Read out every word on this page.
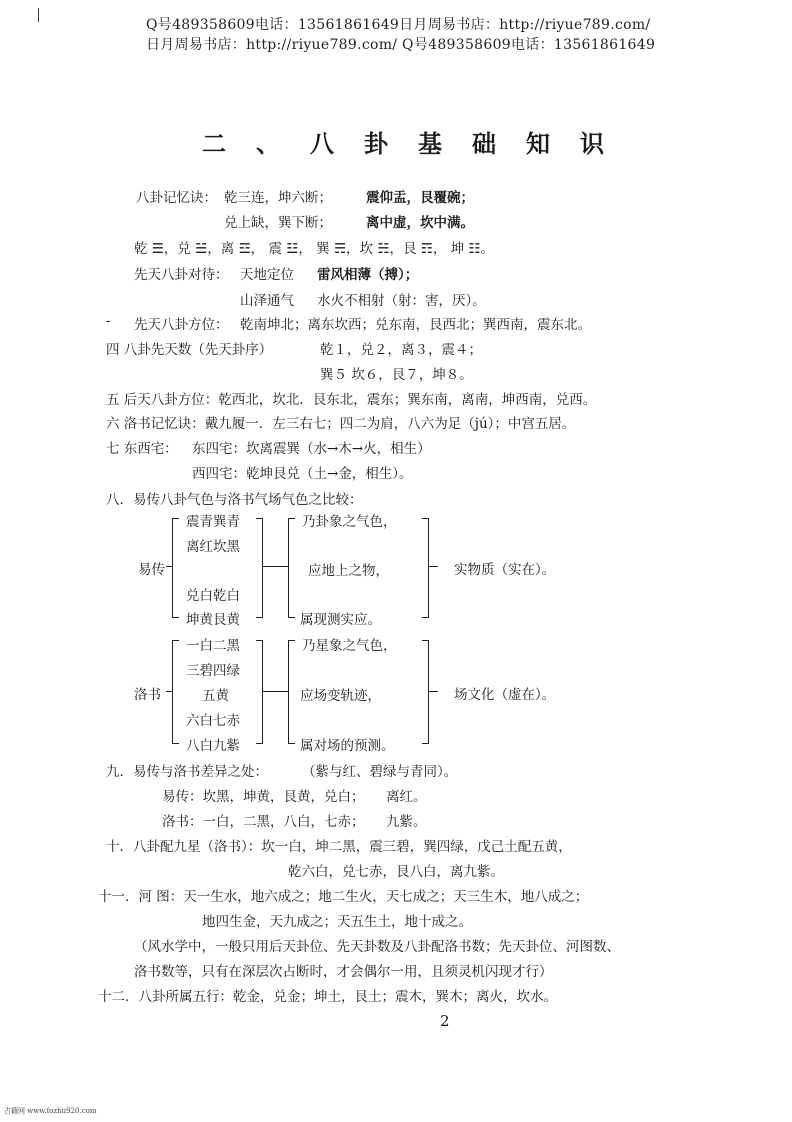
Q号489358609电话：13561861649日月周易书店：http://riyue789.com/
日月周易书店：http://riyue789.com/ Q号489358609电话：13561861649
二、八卦基础知识
八卦记忆诀： 乾三连，坤六断；	震仰盂，艮覆碗；
兑上缺，巽下断；	离中虚，坎中满。
乾 ☰，兑 ☱，离 ☲， 震 ☳， 巽 ☴，坎 ☵，艮 ☶， 坤 ☷。
先天八卦对待： 天地定位 雷风相薄（搏）；
山泽通气 水火不相射（射：害，厌）。
- 先天八卦方位： 乾南坤北；离东坎西；兑东南，艮西北；巽西南，震东北。
四 八卦先天数（先天卦序）	乾１，兑２，离３，震４；
巽５ 坎６，艮７，坤８。
五 后天八卦方位：乾西北，坎北．艮东北，震东；巽东南，离南，坤西南，兑西。
六 洛书记忆诀：戴九履一．左三右七；四二为肩，八六为足（jú）；中宫五居。
七 东西宅： 东四宅：坎离震巽（水→木→火，相生）
西四宅：乾坤艮兑（土→金，相生）。
八．易传八卦气色与洛书气场气色之比较：
易传
震青巽青
离红坎黑
兑白乾白
坤黄艮黄
乃卦象之气色，
应地上之物，
属现测实应。
实物质（实在）。
洛书
一白二黑
三碧四绿
五黄
六白七赤
八白九紫
乃星象之气色，
应场变轨迹，
属对场的预测。
场文化（虚在）。
九．易传与洛书差异之处：	（紫与红、碧绿与青同）。
易传：坎黑，坤黄，艮黄，兑白； 离红。
洛书：一白，二黑，八白，七赤； 九紫。
十．八卦配九星（洛书）：坎一白，坤二黑，震三碧，巽四绿，戊己土配五黄，
乾六白，兑七赤，艮八白，离九紫。
十一．河 图：天一生水，地六成之；地二生火，天七成之；天三生木，地八成之；
地四生金，天九成之；天五生土，地十成之。
（风水学中，一般只用后天卦位、先天卦数及八卦配洛书数；先天卦位、河图数、
洛书数等，只有在深层次占断时，才会偶尔一用，且须灵机闪现才行）
十二．八卦所属五行：乾金，兑金；坤土，艮土；震木，巽木；离火，坎水。
2
古籍网 www.fozhu920.com
